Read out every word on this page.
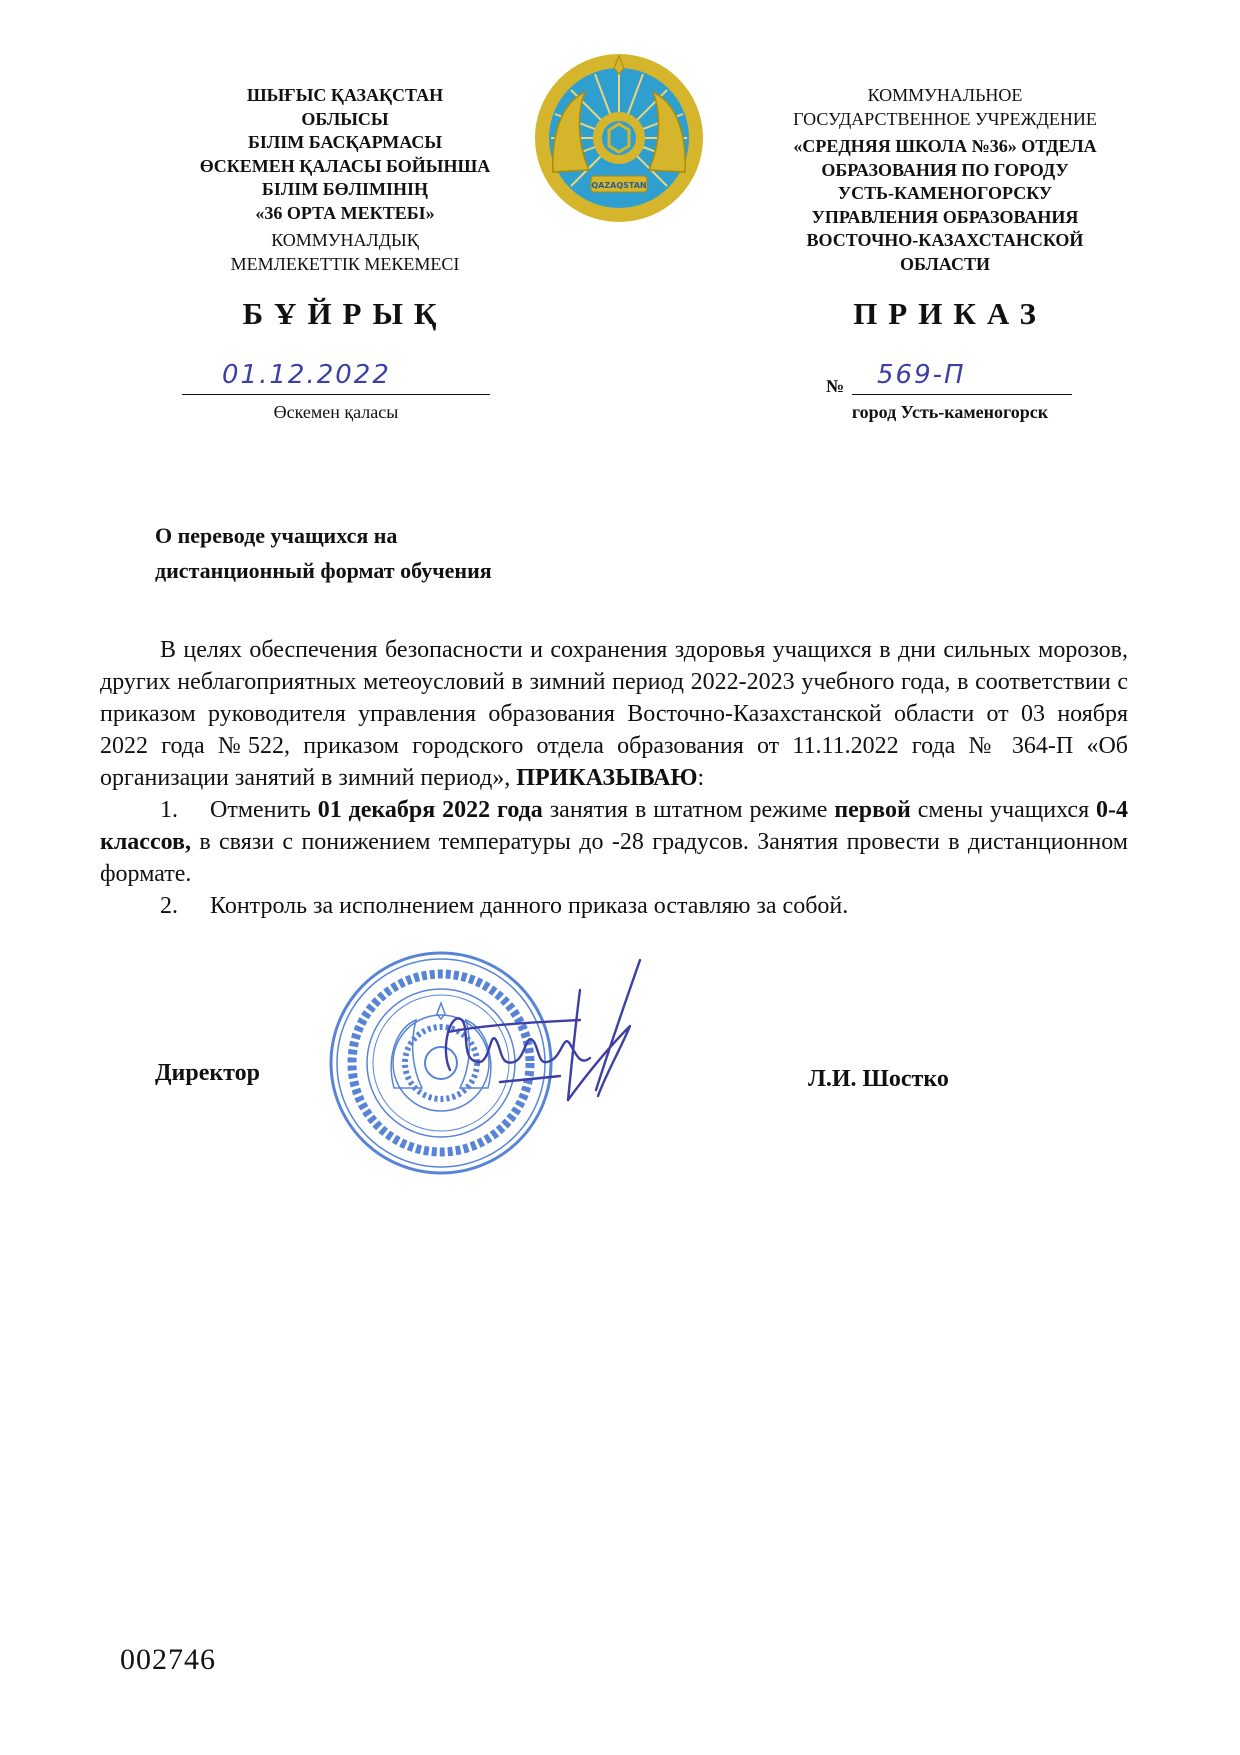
ШЫҒЫС ҚАЗАҚСТАН
ОБЛЫСЫ
БІЛІМ БАСҚАРМАСЫ
ӨСКЕМЕН ҚАЛАСЫ БОЙЫНША
БІЛІМ БӨЛІМІНІҢ
«36 ОРТА МЕКТЕБІ»
КОММУНАЛДЫҚ
МЕМЛЕКЕТТІК МЕКЕМЕСІ
QAZAQSTAN
КОММУНАЛЬНОЕ
ГОСУДАРСТВЕННОЕ УЧРЕЖДЕНИЕ
«СРЕДНЯЯ ШКОЛА №36» ОТДЕЛА
ОБРАЗОВАНИЯ ПО ГОРОДУ
УСТЬ-КАМЕНОГОРСКУ
УПРАВЛЕНИЯ ОБРАЗОВАНИЯ
ВОСТОЧНО-КАЗАХСТАНСКОЙ
ОБЛАСТИ
БҰЙРЫҚ	ПРИКАЗ
01.12.2022
Өскемен қаласы
№ 569-П
город Усть-каменогорск
О переводе учащихся на
дистанционный формат обучения

В целях обеспечения безопасности и сохранения здоровья учащихся в дни сильных морозов, других неблагоприятных метеоусловий в зимний период 2022-2023 учебного года, в соответствии с приказом руководителя управления образования Восточно-Казахстанской области от 03 ноября 2022 года №522, приказом городского отдела образования от 11.11.2022 года № 364-П «Об организации занятий в зимний период», ПРИКАЗЫВАЮ:

1. Отменить 01 декабря 2022 года занятия в штатном режиме первой смены учащихся 0-4 классов, в связи с понижением температуры до -28 градусов. Занятия провести в дистанционном формате.

2. Контроль за исполнением данного приказа оставляю за собой.

Директор	Л.И. Шостко
002746
